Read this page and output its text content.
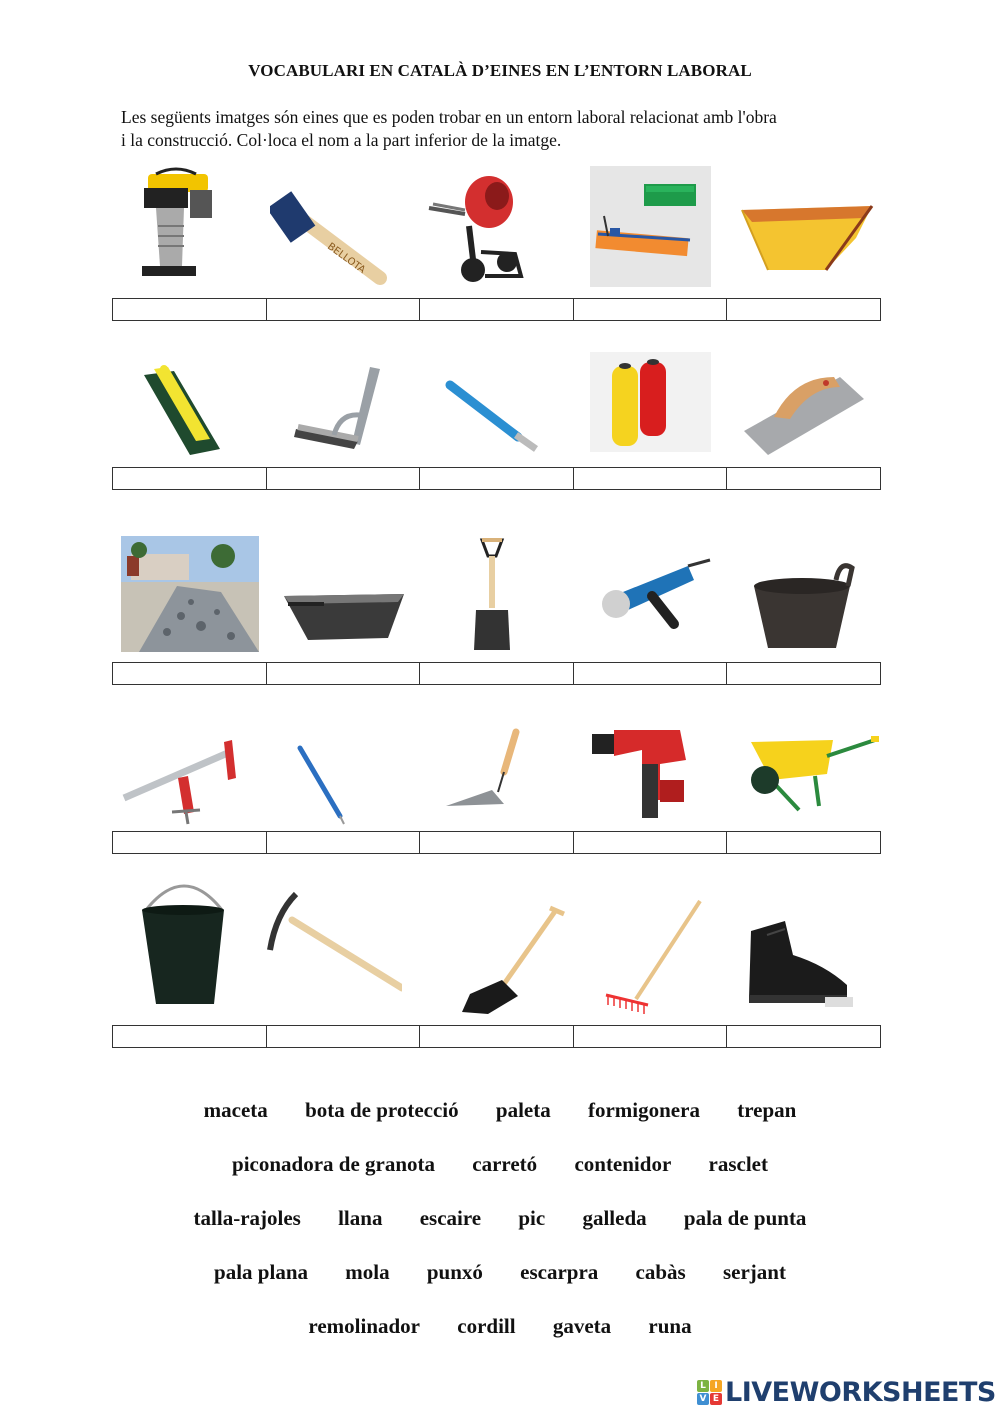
VOCABULARI EN CATALÀ D’EINES EN L’ENTORN LABORAL

Les següents imatges són eines que es poden trobar en un entorn laboral relacionat amb l'obra

i la construcció. Col·loca el nom a la part inferior de la imatge.

BELLOTA
maceta bota de protecció paleta formigonera trepan
piconadora de granota carretó contenidor rasclet
talla-rajoles llana escaire pic galleda pala de punta
pala plana mola punxó escarpra cabàs serjant
remolinador cordill gaveta runa
L I
V E LIVEWORKSHEETS
